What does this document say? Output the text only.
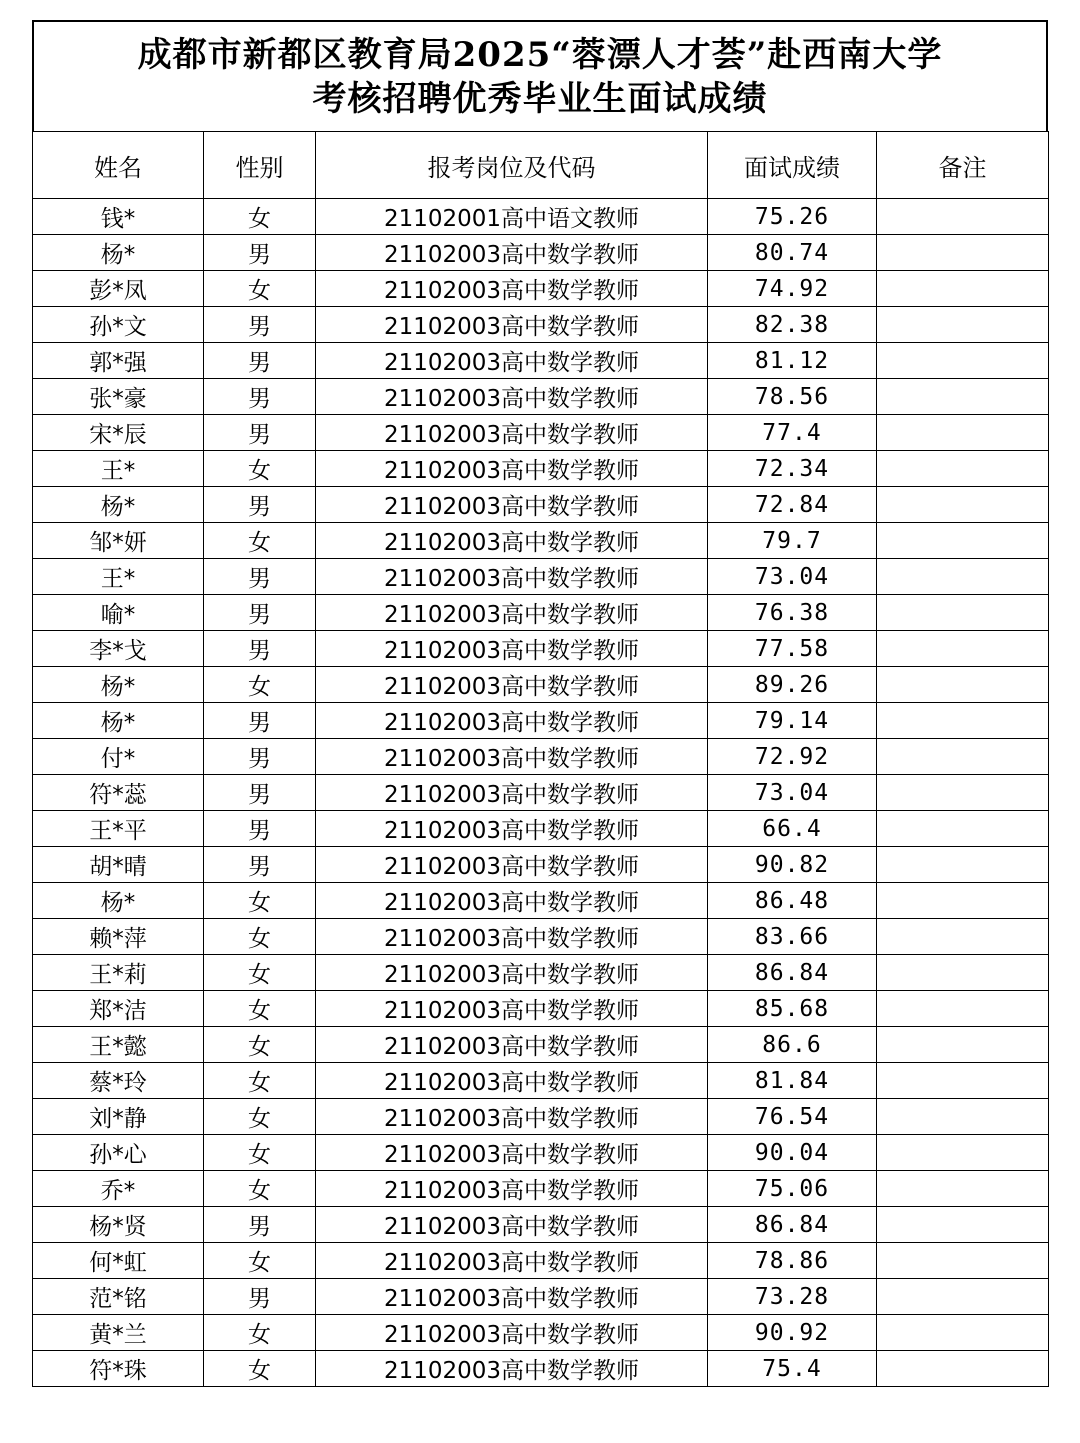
成都市新都区教育局2025“蓉漂人才荟”赴西南大学
考核招聘优秀毕业生面试成绩
姓名	性别	报考岗位及代码	面试成绩	备注
钱*	女	21102001高中语文教师	75.26	
杨*	男	21102003高中数学教师	80.74	
彭*凤	女	21102003高中数学教师	74.92	
孙*文	男	21102003高中数学教师	82.38	
郭*强	男	21102003高中数学教师	81.12	
张*豪	男	21102003高中数学教师	78.56	
宋*辰	男	21102003高中数学教师	77.4	
王*	女	21102003高中数学教师	72.34	
杨*	男	21102003高中数学教师	72.84	
邹*妍	女	21102003高中数学教师	79.7	
王*	男	21102003高中数学教师	73.04	
喻*	男	21102003高中数学教师	76.38	
李*戈	男	21102003高中数学教师	77.58	
杨*	女	21102003高中数学教师	89.26	
杨*	男	21102003高中数学教师	79.14	
付*	男	21102003高中数学教师	72.92	
符*蕊	男	21102003高中数学教师	73.04	
王*平	男	21102003高中数学教师	66.4	
胡*晴	男	21102003高中数学教师	90.82	
杨*	女	21102003高中数学教师	86.48	
赖*萍	女	21102003高中数学教师	83.66	
王*莉	女	21102003高中数学教师	86.84	
郑*洁	女	21102003高中数学教师	85.68	
王*懿	女	21102003高中数学教师	86.6	
蔡*玲	女	21102003高中数学教师	81.84	
刘*静	女	21102003高中数学教师	76.54	
孙*心	女	21102003高中数学教师	90.04	
乔*	女	21102003高中数学教师	75.06	
杨*贤	男	21102003高中数学教师	86.84	
何*虹	女	21102003高中数学教师	78.86	
范*铭	男	21102003高中数学教师	73.28	
黄*兰	女	21102003高中数学教师	90.92	
符*珠	女	21102003高中数学教师	75.4	
